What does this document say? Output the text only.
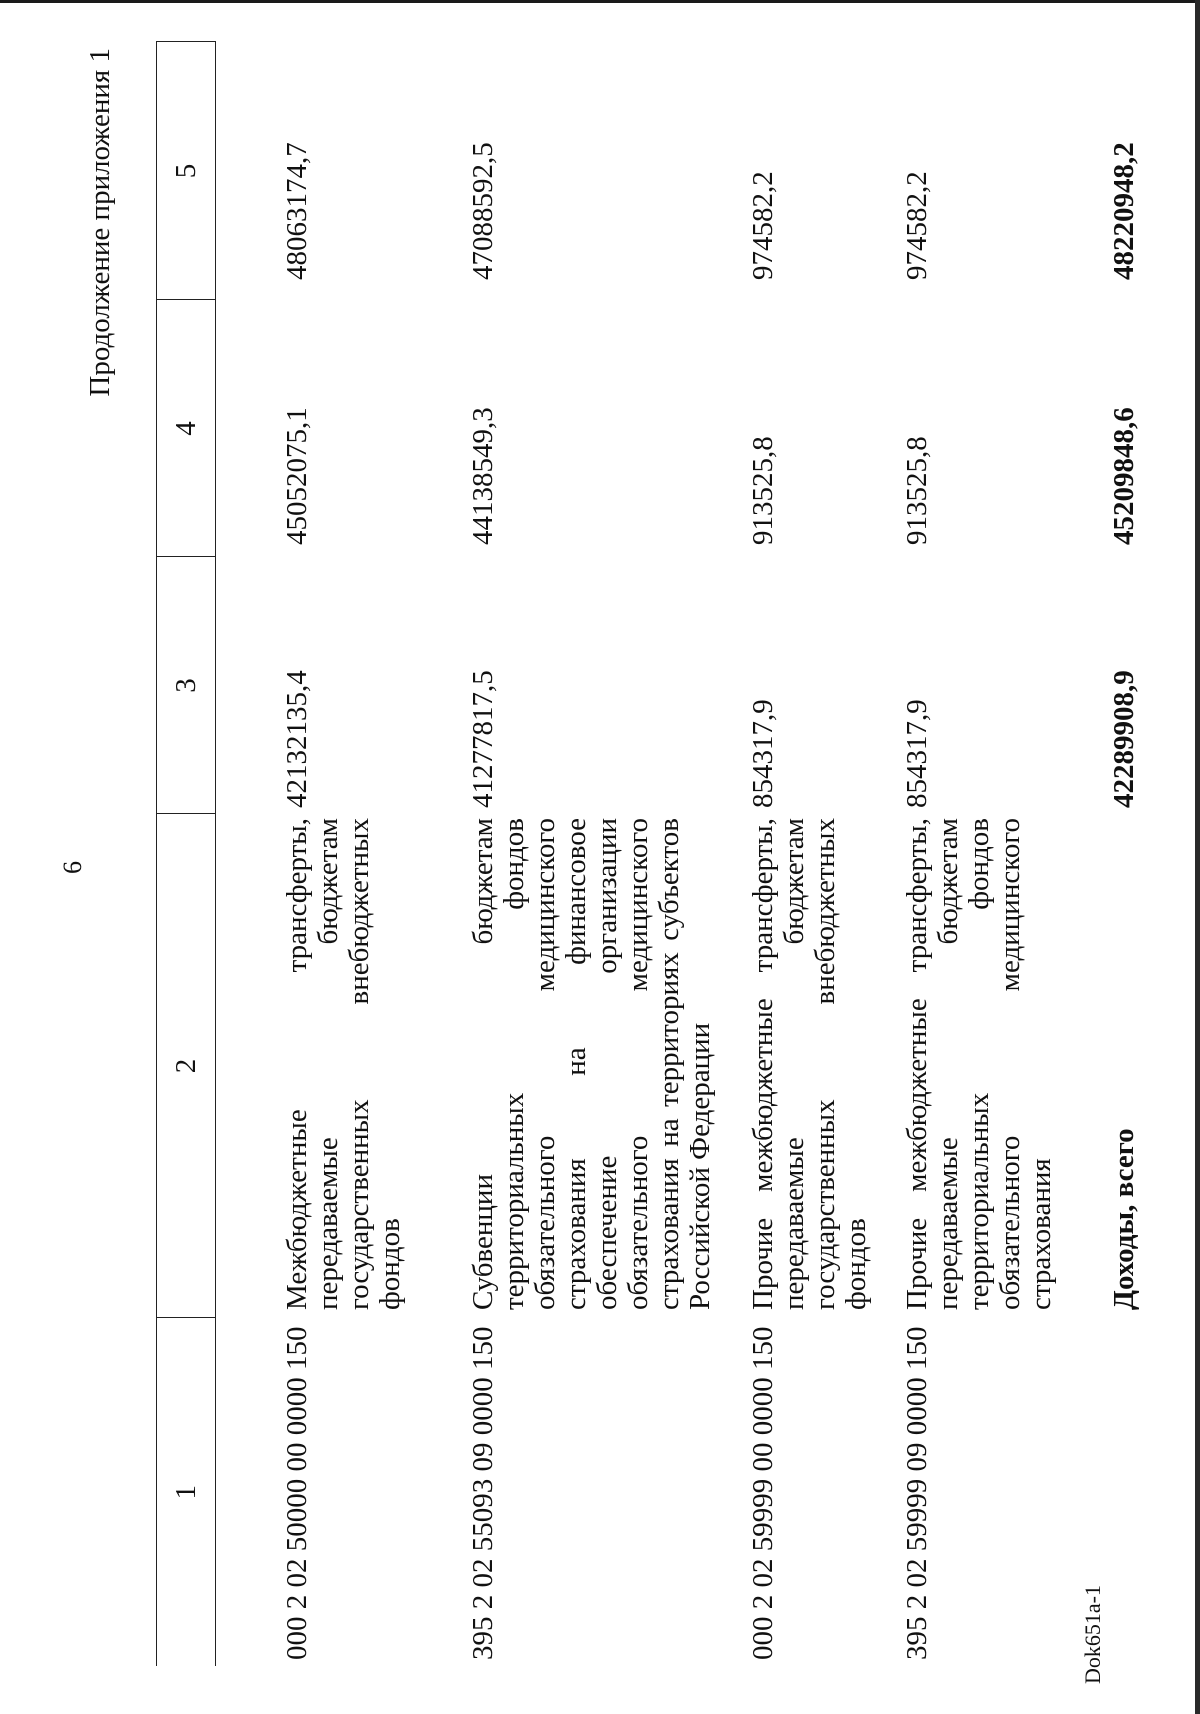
6
Продолжение приложения 1
1	2	3	4	5
000 2 02 50000 00 0000 150	Межбюджетные трансферты, передаваемые бюджетам государственных внебюджетных фондов	42132135,4	45052075,1	48063174,7
395 2 02 55093 09 0000 150	Субвенции бюджетам территориальных фондов обязательного медицинского страхования на финансовое обеспечение организации обязательного медицинского страхования на территориях субъектов Российской Федерации	41277817,5	44138549,3	47088592,5
000 2 02 59999 00 0000 150	Прочие межбюджетные трансферты, передаваемые бюджетам государственных внебюджетных фондов	854317,9	913525,8	974582,2
395 2 02 59999 09 0000 150	Прочие межбюджетные трансферты, передаваемые бюджетам территориальных фондов обязательного медицинского страхования	854317,9	913525,8	974582,2
	Доходы, всего	42289908,9	45209848,6	48220948,2
Dok651a-1
